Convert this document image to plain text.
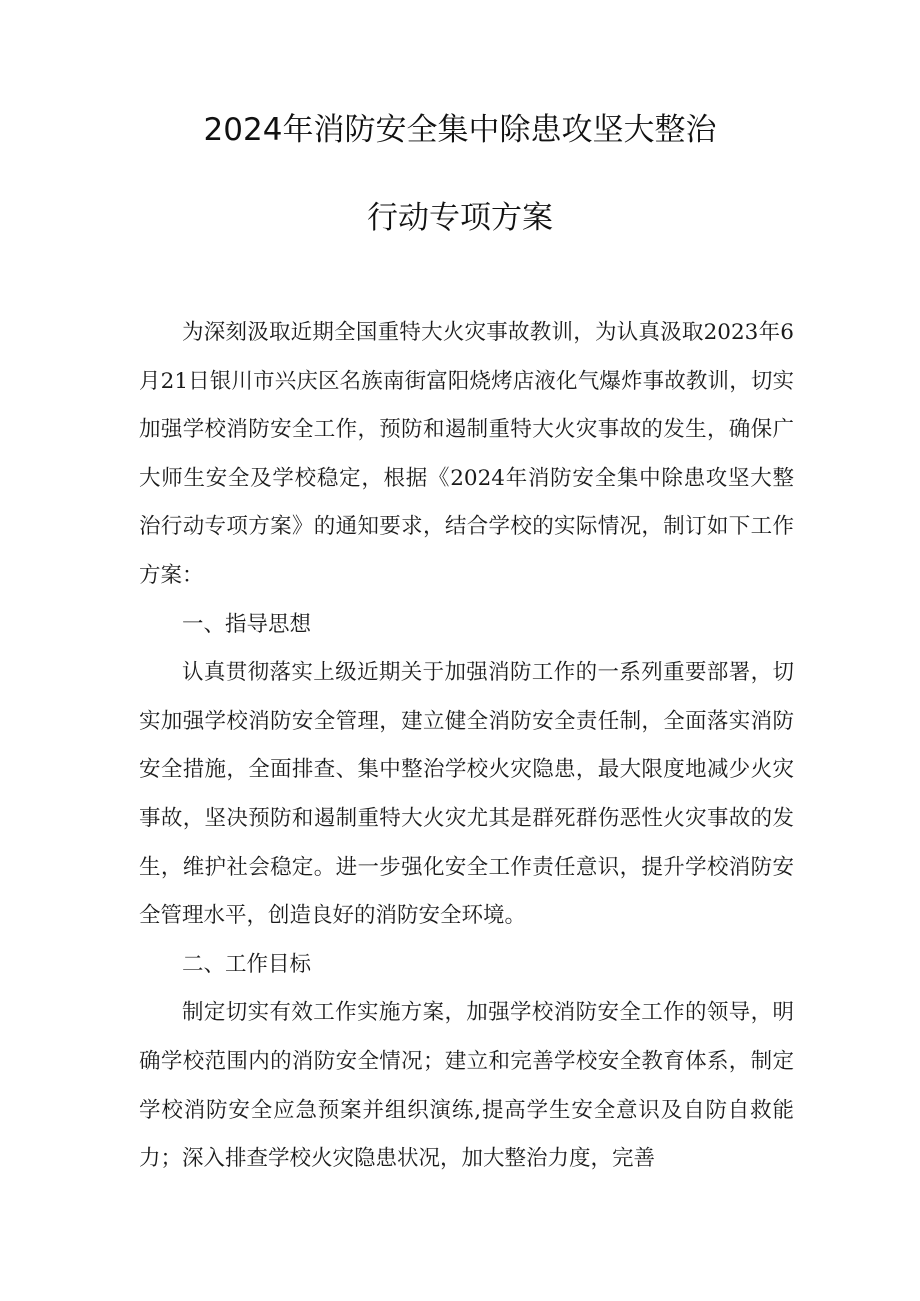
2024年消防安全集中除患攻坚大整治
行动专项方案

为深刻汲取近期全国重特大火灾事故教训，为认真汲取2023年6月21日银川市兴庆区名族南街富阳烧烤店液化气爆炸事故教训，切实加强学校消防安全工作，预防和遏制重特大火灾事故的发生，确保广大师生安全及学校稳定，根据《2024年消防安全集中除患攻坚大整治行动专项方案》的通知要求，结合学校的实际情况，制订如下工作方案：

一、指导思想

认真贯彻落实上级近期关于加强消防工作的一系列重要部署，切实加强学校消防安全管理，建立健全消防安全责任制，全面落实消防安全措施，全面排查、集中整治学校火灾隐患，最大限度地减少火灾事故，坚决预防和遏制重特大火灾尤其是群死群伤恶性火灾事故的发生，维护社会稳定。进一步强化安全工作责任意识，提升学校消防安全管理水平，创造良好的消防安全环境。

二、工作目标

制定切实有效工作实施方案，加强学校消防安全工作的领导，明确学校范围内的消防安全情况；建立和完善学校安全教育体系，制定学校消防安全应急预案并组织演练,提高学生安全意识及自防自救能力；深入排查学校火灾隐患状况，加大整治力度，完善
